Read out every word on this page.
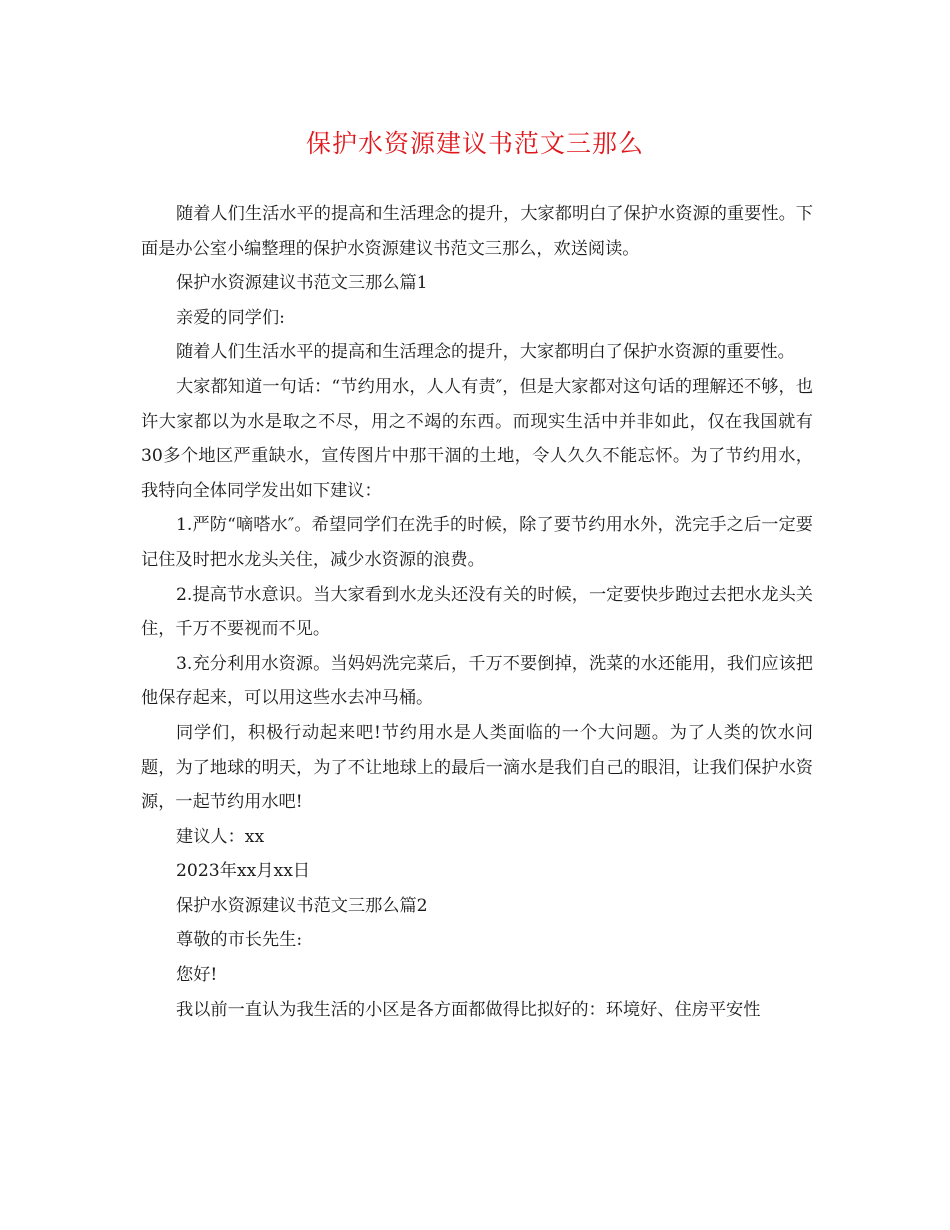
保护水资源建议书范文三那么

随着人们生活水平的提高和生活理念的提升，大家都明白了保护水资源的重要性。下面是办公室小编整理的保护水资源建议书范文三那么，欢送阅读。

保护水资源建议书范文三那么篇1

亲爱的同学们:

随着人们生活水平的提高和生活理念的提升，大家都明白了保护水资源的重要性。

大家都知道一句话：“节约用水，人人有责″，但是大家都对这句话的理解还不够，也许大家都以为水是取之不尽，用之不竭的东西。而现实生活中并非如此，仅在我国就有30多个地区严重缺水，宣传图片中那干涸的土地，令人久久不能忘怀。为了节约用水，我特向全体同学发出如下建议：

1.严防“嘀嗒水″。希望同学们在洗手的时候，除了要节约用水外，洗完手之后一定要记住及时把水龙头关住，减少水资源的浪费。

2.提高节水意识。当大家看到水龙头还没有关的时候，一定要快步跑过去把水龙头关住，千万不要视而不见。

3.充分利用水资源。当妈妈洗完菜后，千万不要倒掉，洗菜的水还能用，我们应该把他保存起来，可以用这些水去冲马桶。

同学们，积极行动起来吧!节约用水是人类面临的一个大问题。为了人类的饮水问题，为了地球的明天，为了不让地球上的最后一滴水是我们自己的眼泪，让我们保护水资源，一起节约用水吧!

建议人：xx

2023年xx月xx日

保护水资源建议书范文三那么篇2

尊敬的市长先生:

您好!

我以前一直认为我生活的小区是各方面都做得比拟好的：环境好、住房平安性
